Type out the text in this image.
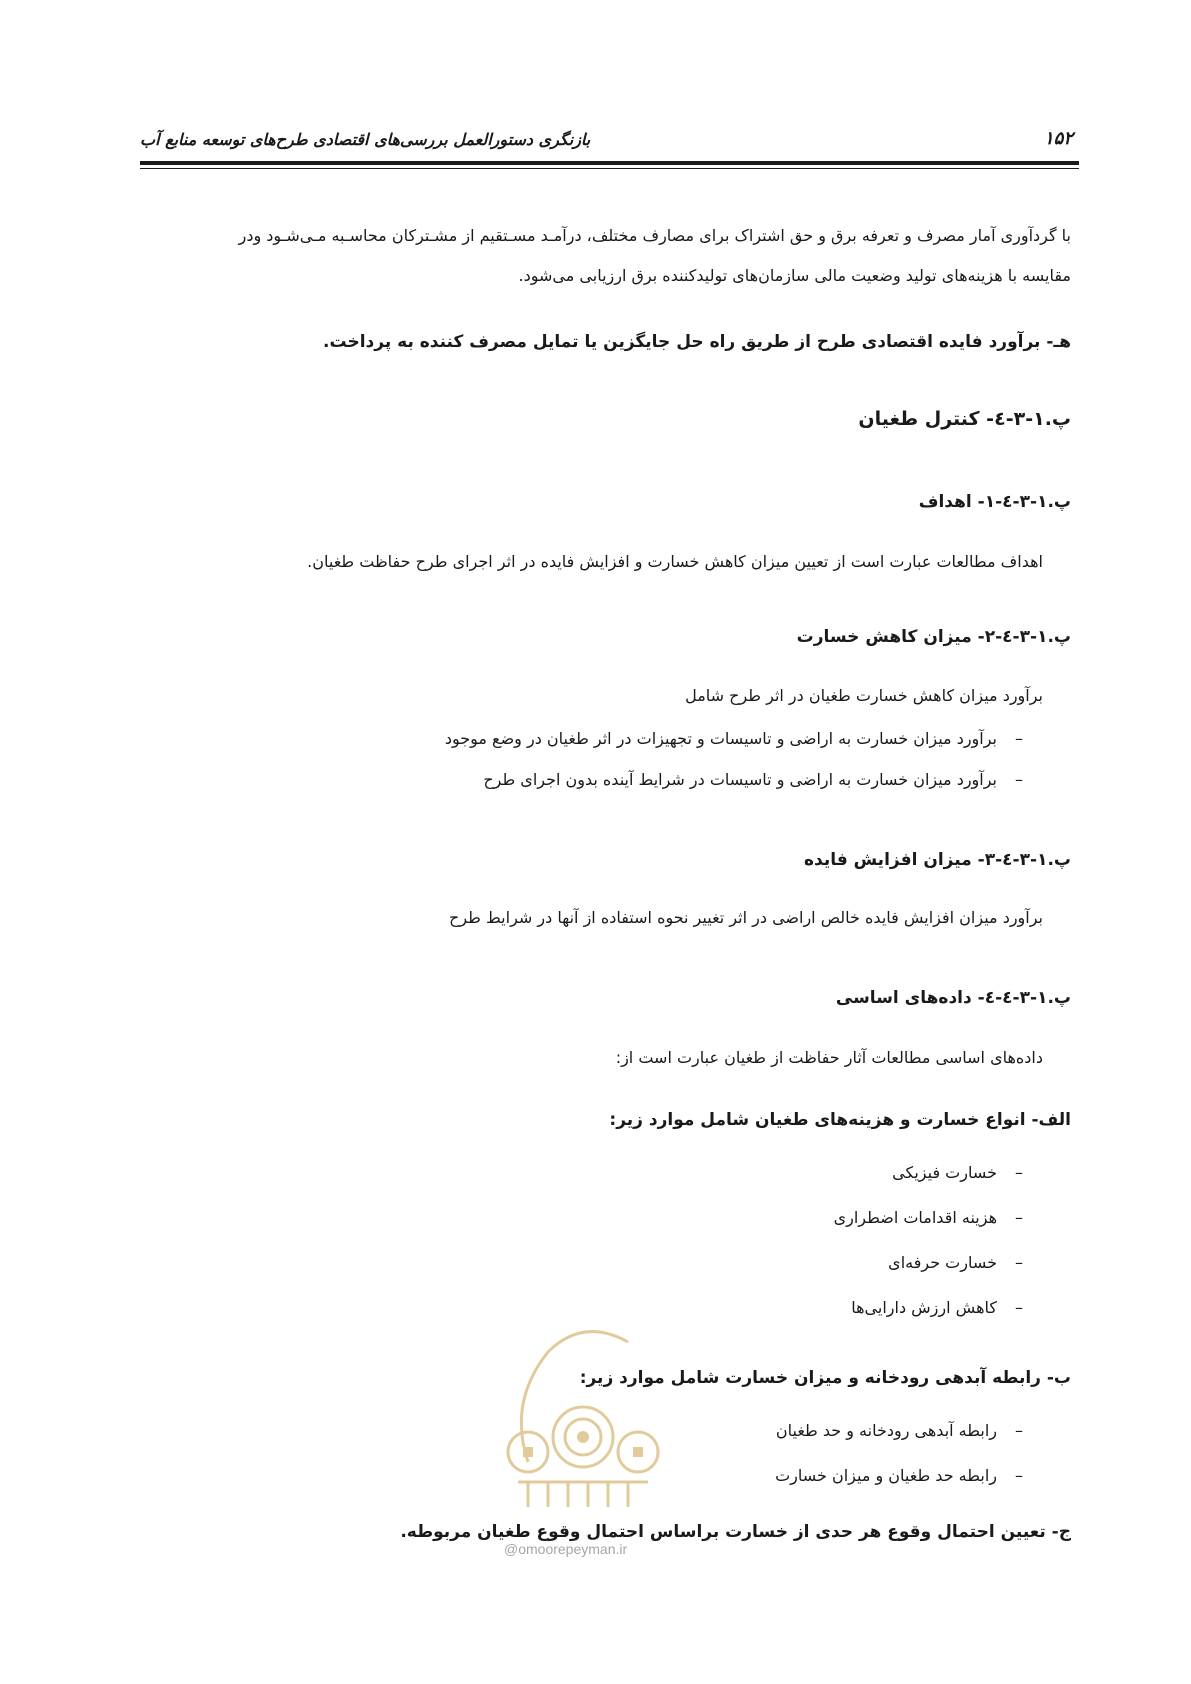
بازنگری دستورالعمل بررسی‌های اقتصادی طرح‌های توسعه منابع آب	۱۵۲
با گردآوری آمار مصرف و تعرفه برق و حق اشتراک برای مصارف مختلف، درآمـد مسـتقیم از مشـترکان محاسـبه مـی‌شـود ودر
مقایسه با هزینه‌های تولید وضعیت مالی سازمان‌های تولیدکننده برق ارزیابی می‌شود.
هـ- برآورد فایده اقتصادی طرح از طریق راه حل جایگزین یا تمایل مصرف کننده به پرداخت.
پ.۱-۳-٤- کنترل طغیان
پ.۱-۳-٤-۱- اهداف
اهداف مطالعات عبارت است از تعیین میزان کاهش خسارت و افزایش فایده در اثر اجرای طرح حفاظت طغیان.
پ.۱-۳-٤-۲- میزان کاهش خسارت
برآورد میزان کاهش خسارت طغیان در اثر طرح شامل
–برآورد میزان خسارت به اراضی و تاسیسات و تجهیزات در اثر طغیان در وضع موجود
–برآورد میزان خسارت به اراضی و تاسیسات در شرایط آینده بدون اجرای طرح
پ.۱-۳-٤-۳- میزان افزایش فایده
برآورد میزان افزایش فایده خالص اراضی در اثر تغییر نحوه استفاده از آنها در شرایط طرح
پ.۱-۳-٤-٤- داده‌های اساسی
داده‌های اساسی مطالعات آثار حفاظت از طغیان عبارت است از:
الف- انواع خسارت و هزینه‌های طغیان شامل موارد زیر:
–خسارت فیزیکی
–هزینه اقدامات اضطراری
–خسارت حرفه‌ای
–کاهش ارزش دارایی‌ها
ب- رابطه آبدهی رودخانه و میزان خسارت شامل موارد زیر:
–رابطه آبدهی رودخانه و حد طغیان
–رابطه حد طغیان و میزان خسارت
ج- تعیین احتمال وقوع هر حدی از خسارت براساس احتمال وقوع طغیان مربوطه.
@omoorepeyman.ir
